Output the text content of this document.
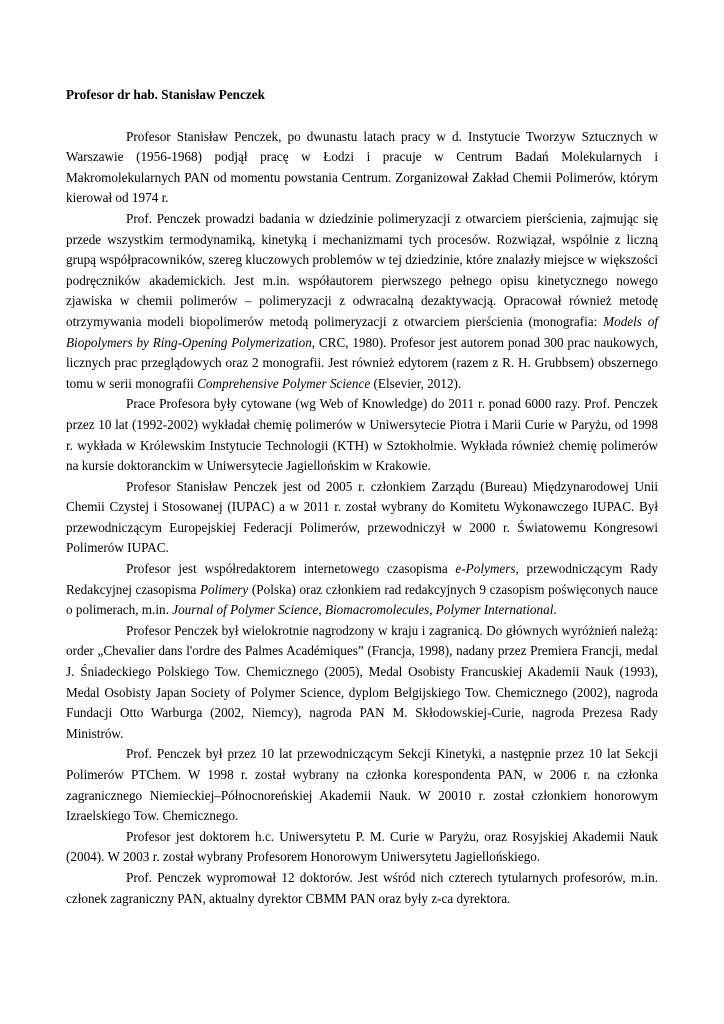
Profesor dr hab. Stanisław Penczek

Profesor Stanisław Penczek, po dwunastu latach pracy w d. Instytucie Tworzyw Sztucznych w Warszawie (1956-1968) podjął pracę w Łodzi i pracuje w Centrum Badań Molekularnych i Makromolekularnych PAN od momentu powstania Centrum. Zorganizował Zakład Chemii Polimerów, którym kierował od 1974 r.

Prof. Penczek prowadzi badania w dziedzinie polimeryzacji z otwarciem pierścienia, zajmując się przede wszystkim termodynamiką, kinetyką i mechanizmami tych procesów. Rozwiązał, wspólnie z liczną grupą współpracowników, szereg kluczowych problemów w tej dziedzinie, które znalazły miejsce w większości podręczników akademickich. Jest m.in. współautorem pierwszego pełnego opisu kinetycznego nowego zjawiska w chemii polimerów – polimeryzacji z odwracalną dezaktywacją. Opracował również metodę otrzymywania modeli biopolimerów metodą polimeryzacji z otwarciem pierścienia (monografia: Models of Biopolymers by Ring-Opening Polymerization, CRC, 1980). Profesor jest autorem ponad 300 prac naukowych, licznych prac przeglądowych oraz 2 monografii. Jest również edytorem (razem z R. H. Grubbsem) obszernego tomu w serii monografii Comprehensive Polymer Science (Elsevier, 2012).

Prace Profesora były cytowane (wg Web of Knowledge) do 2011 r. ponad 6000 razy. Prof. Penczek przez 10 lat (1992-2002) wykładał chemię polimerów w Uniwersytecie Piotra i Marii Curie w Paryżu, od 1998 r. wykłada w Królewskim Instytucie Technologii (KTH) w Sztokholmie. Wykłada również chemię polimerów na kursie doktoranckim w Uniwersytecie Jagiellońskim w Krakowie.

Profesor Stanisław Penczek jest od 2005 r. członkiem Zarządu (Bureau) Międzynarodowej Unii Chemii Czystej i Stosowanej (IUPAC) a w 2011 r. został wybrany do Komitetu Wykonawczego IUPAC. Był przewodniczącym Europejskiej Federacji Polimerów, przewodniczył w 2000 r. Światowemu Kongresowi Polimerów IUPAC.

Profesor jest współredaktorem internetowego czasopisma e-Polymers, przewodniczącym Rady Redakcyjnej czasopisma Polimery (Polska) oraz członkiem rad redakcyjnych 9 czasopism poświęconych nauce o polimerach, m.in. Journal of Polymer Science, Biomacromolecules, Polymer International.

Profesor Penczek był wielokrotnie nagrodzony w kraju i zagranicą. Do głównych wyróżnień należą: order „Chevalier dans l'ordre des Palmes Académiques” (Francja, 1998), nadany przez Premiera Francji, medal J. Śniadeckiego Polskiego Tow. Chemicznego (2005), Medal Osobisty Francuskiej Akademii Nauk (1993), Medal Osobisty Japan Society of Polymer Science, dyplom Belgijskiego Tow. Chemicznego (2002), nagroda Fundacji Otto Warburga (2002, Niemcy), nagroda PAN M. Skłodowskiej-Curie, nagroda Prezesa Rady Ministrów.

Prof. Penczek był przez 10 lat przewodniczącym Sekcji Kinetyki, a następnie przez 10 lat Sekcji Polimerów PTChem. W 1998 r. został wybrany na członka korespondenta PAN, w 2006 r. na członka zagranicznego Niemieckiej–Północnoreńskiej Akademii Nauk. W 20010 r. został członkiem honorowym Izraelskiego Tow. Chemicznego.

Profesor jest doktorem h.c. Uniwersytetu P. M. Curie w Paryżu, oraz Rosyjskiej Akademii Nauk (2004). W 2003 r. został wybrany Profesorem Honorowym Uniwersytetu Jagiellońskiego.

Prof. Penczek wypromował 12 doktorów. Jest wśród nich czterech tytularnych profesorów, m.in. członek zagraniczny PAN, aktualny dyrektor CBMM PAN oraz były z-ca dyrektora.
